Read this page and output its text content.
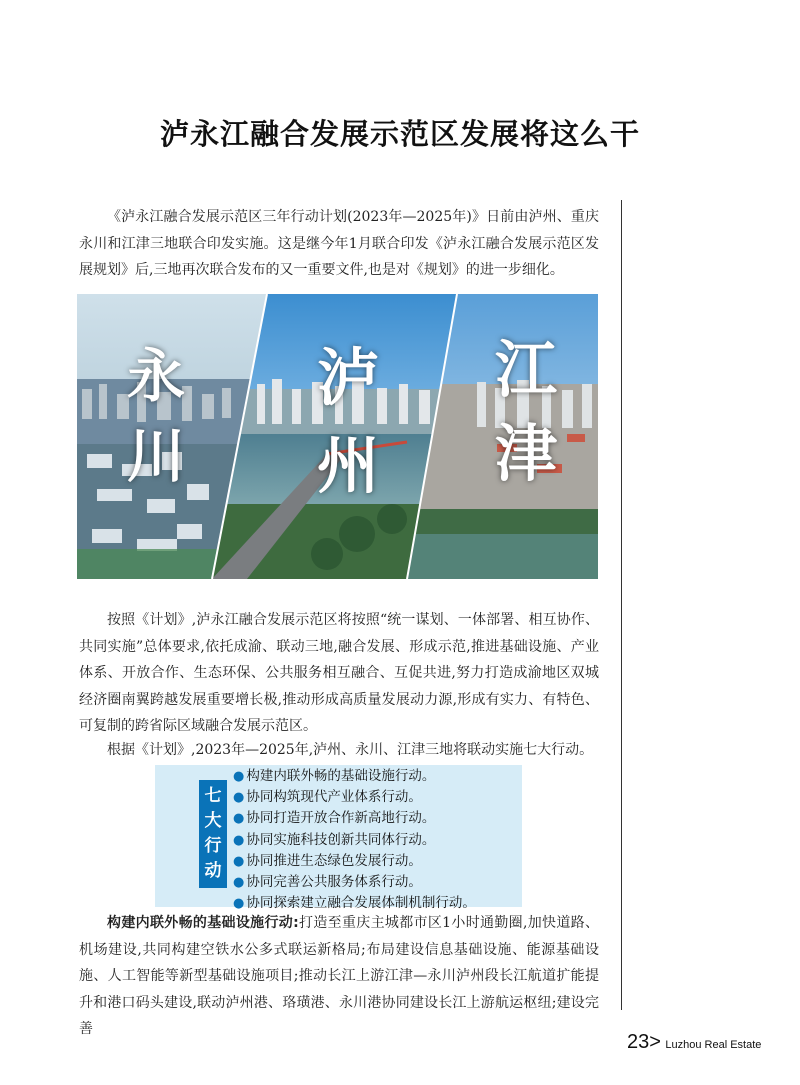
泸永江融合发展示范区发展将这么干

《泸永江融合发展示范区三年行动计划(2023年—2025年)》日前由泸州、重庆永川和江津三地联合印发实施。这是继今年1月联合印发《泸永江融合发展示范区发展规划》后,三地再次联合发布的又一重要文件,也是对《规划》的进一步细化。

永
川
泸
州
江
津

按照《计划》,泸永江融合发展示范区将按照“统一谋划、一体部署、相互协作、共同实施”总体要求,依托成渝、联动三地,融合发展、形成示范,推进基础设施、产业体系、开放合作、生态环保、公共服务相互融合、互促共进,努力打造成渝地区双城经济圈南翼跨越发展重要增长极,推动形成高质量发展动力源,形成有实力、有特色、可复制的跨省际区域融合发展示范区。

根据《计划》,2023年—2025年,泸州、永川、江津三地将联动实施七大行动。

七
大
行
动
● 构建内联外畅的基础设施行动。
● 协同构筑现代产业体系行动。
● 协同打造开放合作新高地行动。
● 协同实施科技创新共同体行动。
● 协同推进生态绿色发展行动。
● 协同完善公共服务体系行动。
● 协同探索建立融合发展体制机制行动。

构建内联外畅的基础设施行动:打造至重庆主城都市区1小时通勤圈,加快道路、机场建设,共同构建空铁水公多式联运新格局;布局建设信息基础设施、能源基础设施、人工智能等新型基础设施项目;推动长江上游江津—永川泸州段长江航道扩能提升和港口码头建设,联动泸州港、珞璜港、永川港协同建设长江上游航运枢纽;建设完善

23> Luzhou Real Estate
